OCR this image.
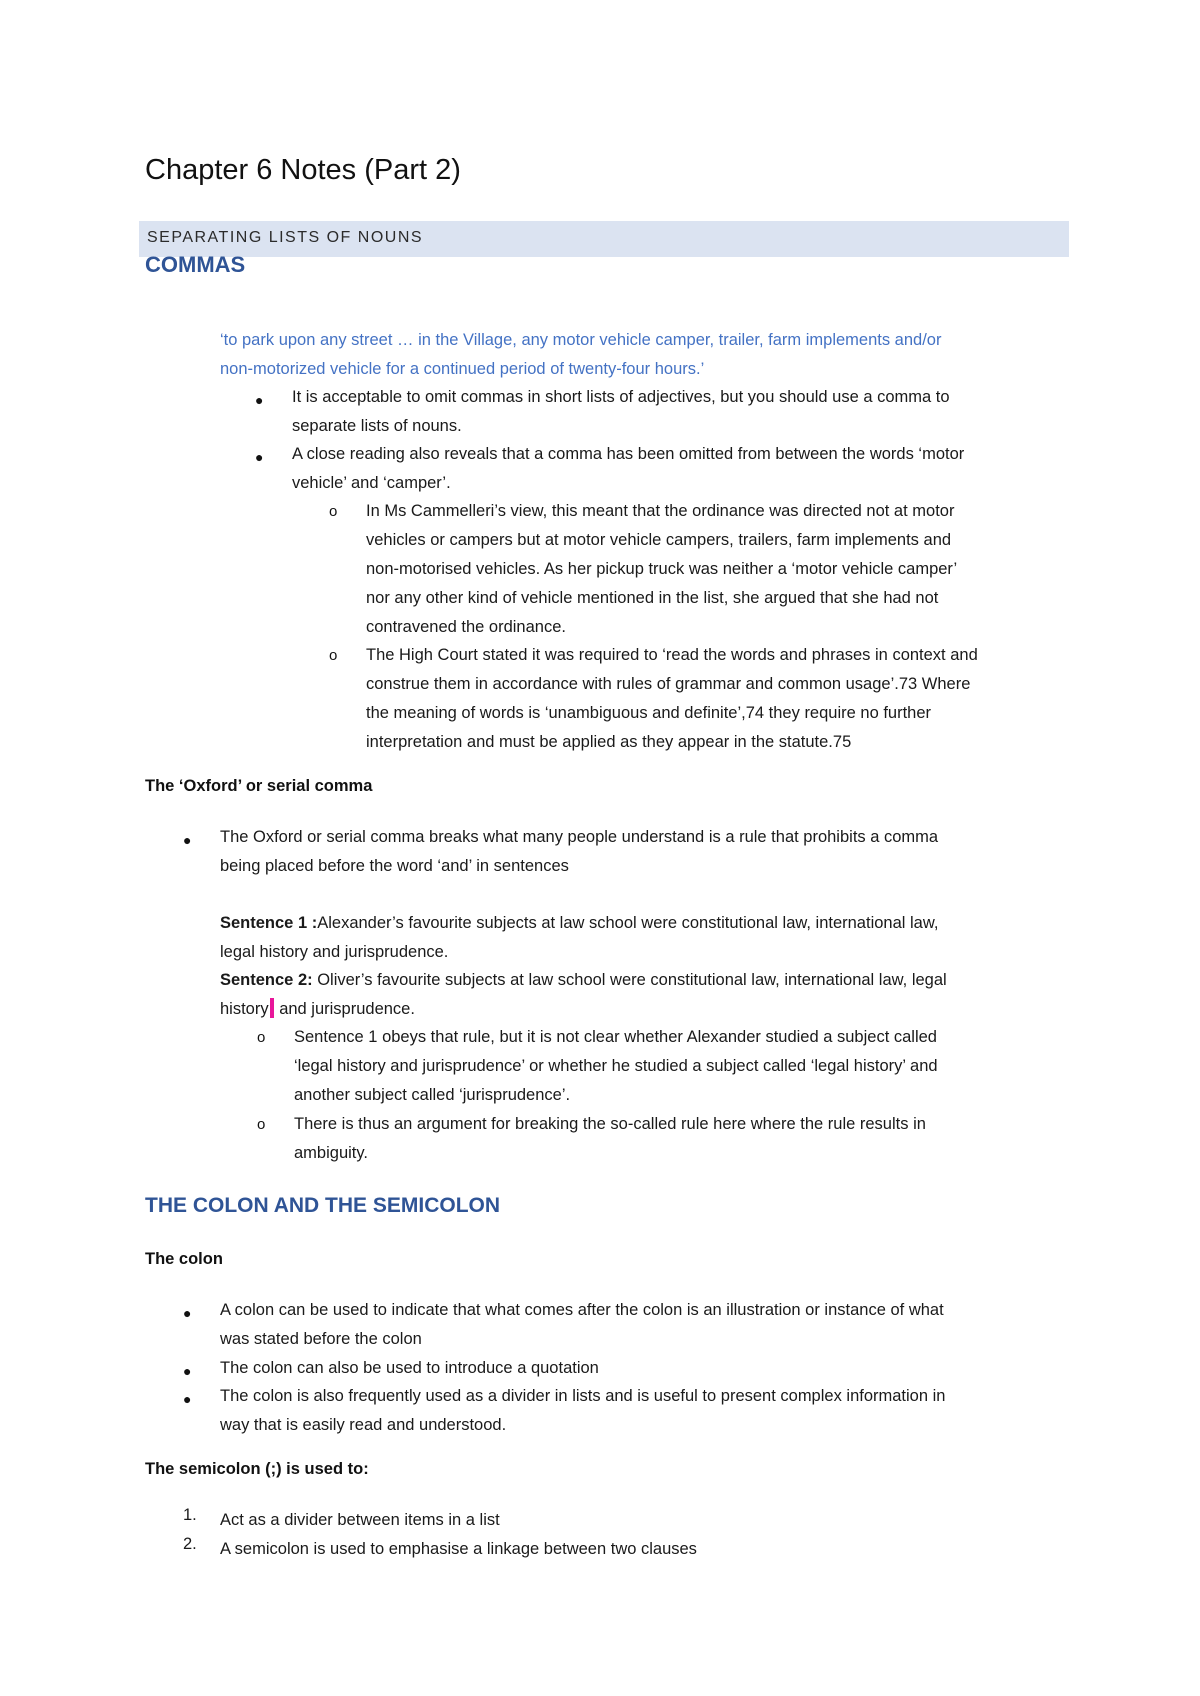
Chapter 6 Notes (Part 2)
SEPARATING LISTS OF NOUNS
COMMAS
‘to park upon any street … in the Village, any motor vehicle camper, trailer, farm implements and/or
non-motorized vehicle for a continued period of twenty-four hours.’
● It is acceptable to omit commas in short lists of adjectives, but you should use a comma to
separate lists of nouns.
● A close reading also reveals that a comma has been omitted from between the words ‘motor
vehicle’ and ‘camper’.
o In Ms Cammelleri’s view, this meant that the ordinance was directed not at motor
vehicles or campers but at motor vehicle campers, trailers, farm implements and
non-motorised vehicles. As her pickup truck was neither a ‘motor vehicle camper’
nor any other kind of vehicle mentioned in the list, she argued that she had not
contravened the ordinance.
o The High Court stated it was required to ‘read the words and phrases in context and
construe them in accordance with rules of grammar and common usage’.73 Where
the meaning of words is ‘unambiguous and definite’,74 they require no further
interpretation and must be applied as they appear in the statute.75
The ‘Oxford’ or serial comma
● The Oxford or serial comma breaks what many people understand is a rule that prohibits a comma
being placed before the word ‘and’ in sentences
Sentence 1 :Alexander’s favourite subjects at law school were constitutional law, international law,
legal history and jurisprudence.
Sentence 2: Oliver’s favourite subjects at law school were constitutional law, international law, legal
history and jurisprudence.
o Sentence 1 obeys that rule, but it is not clear whether Alexander studied a subject called
‘legal history and jurisprudence’ or whether he studied a subject called ‘legal history’ and
another subject called ‘jurisprudence’.
o There is thus an argument for breaking the so-called rule here where the rule results in
ambiguity.
THE COLON AND THE SEMICOLON
The colon
● A colon can be used to indicate that what comes after the colon is an illustration or instance of what
was stated before the colon
● The colon can also be used to introduce a quotation
● The colon is also frequently used as a divider in lists and is useful to present complex information in
way that is easily read and understood.
The semicolon (;) is used to:
1. Act as a divider between items in a list
2. A semicolon is used to emphasise a linkage between two clauses
